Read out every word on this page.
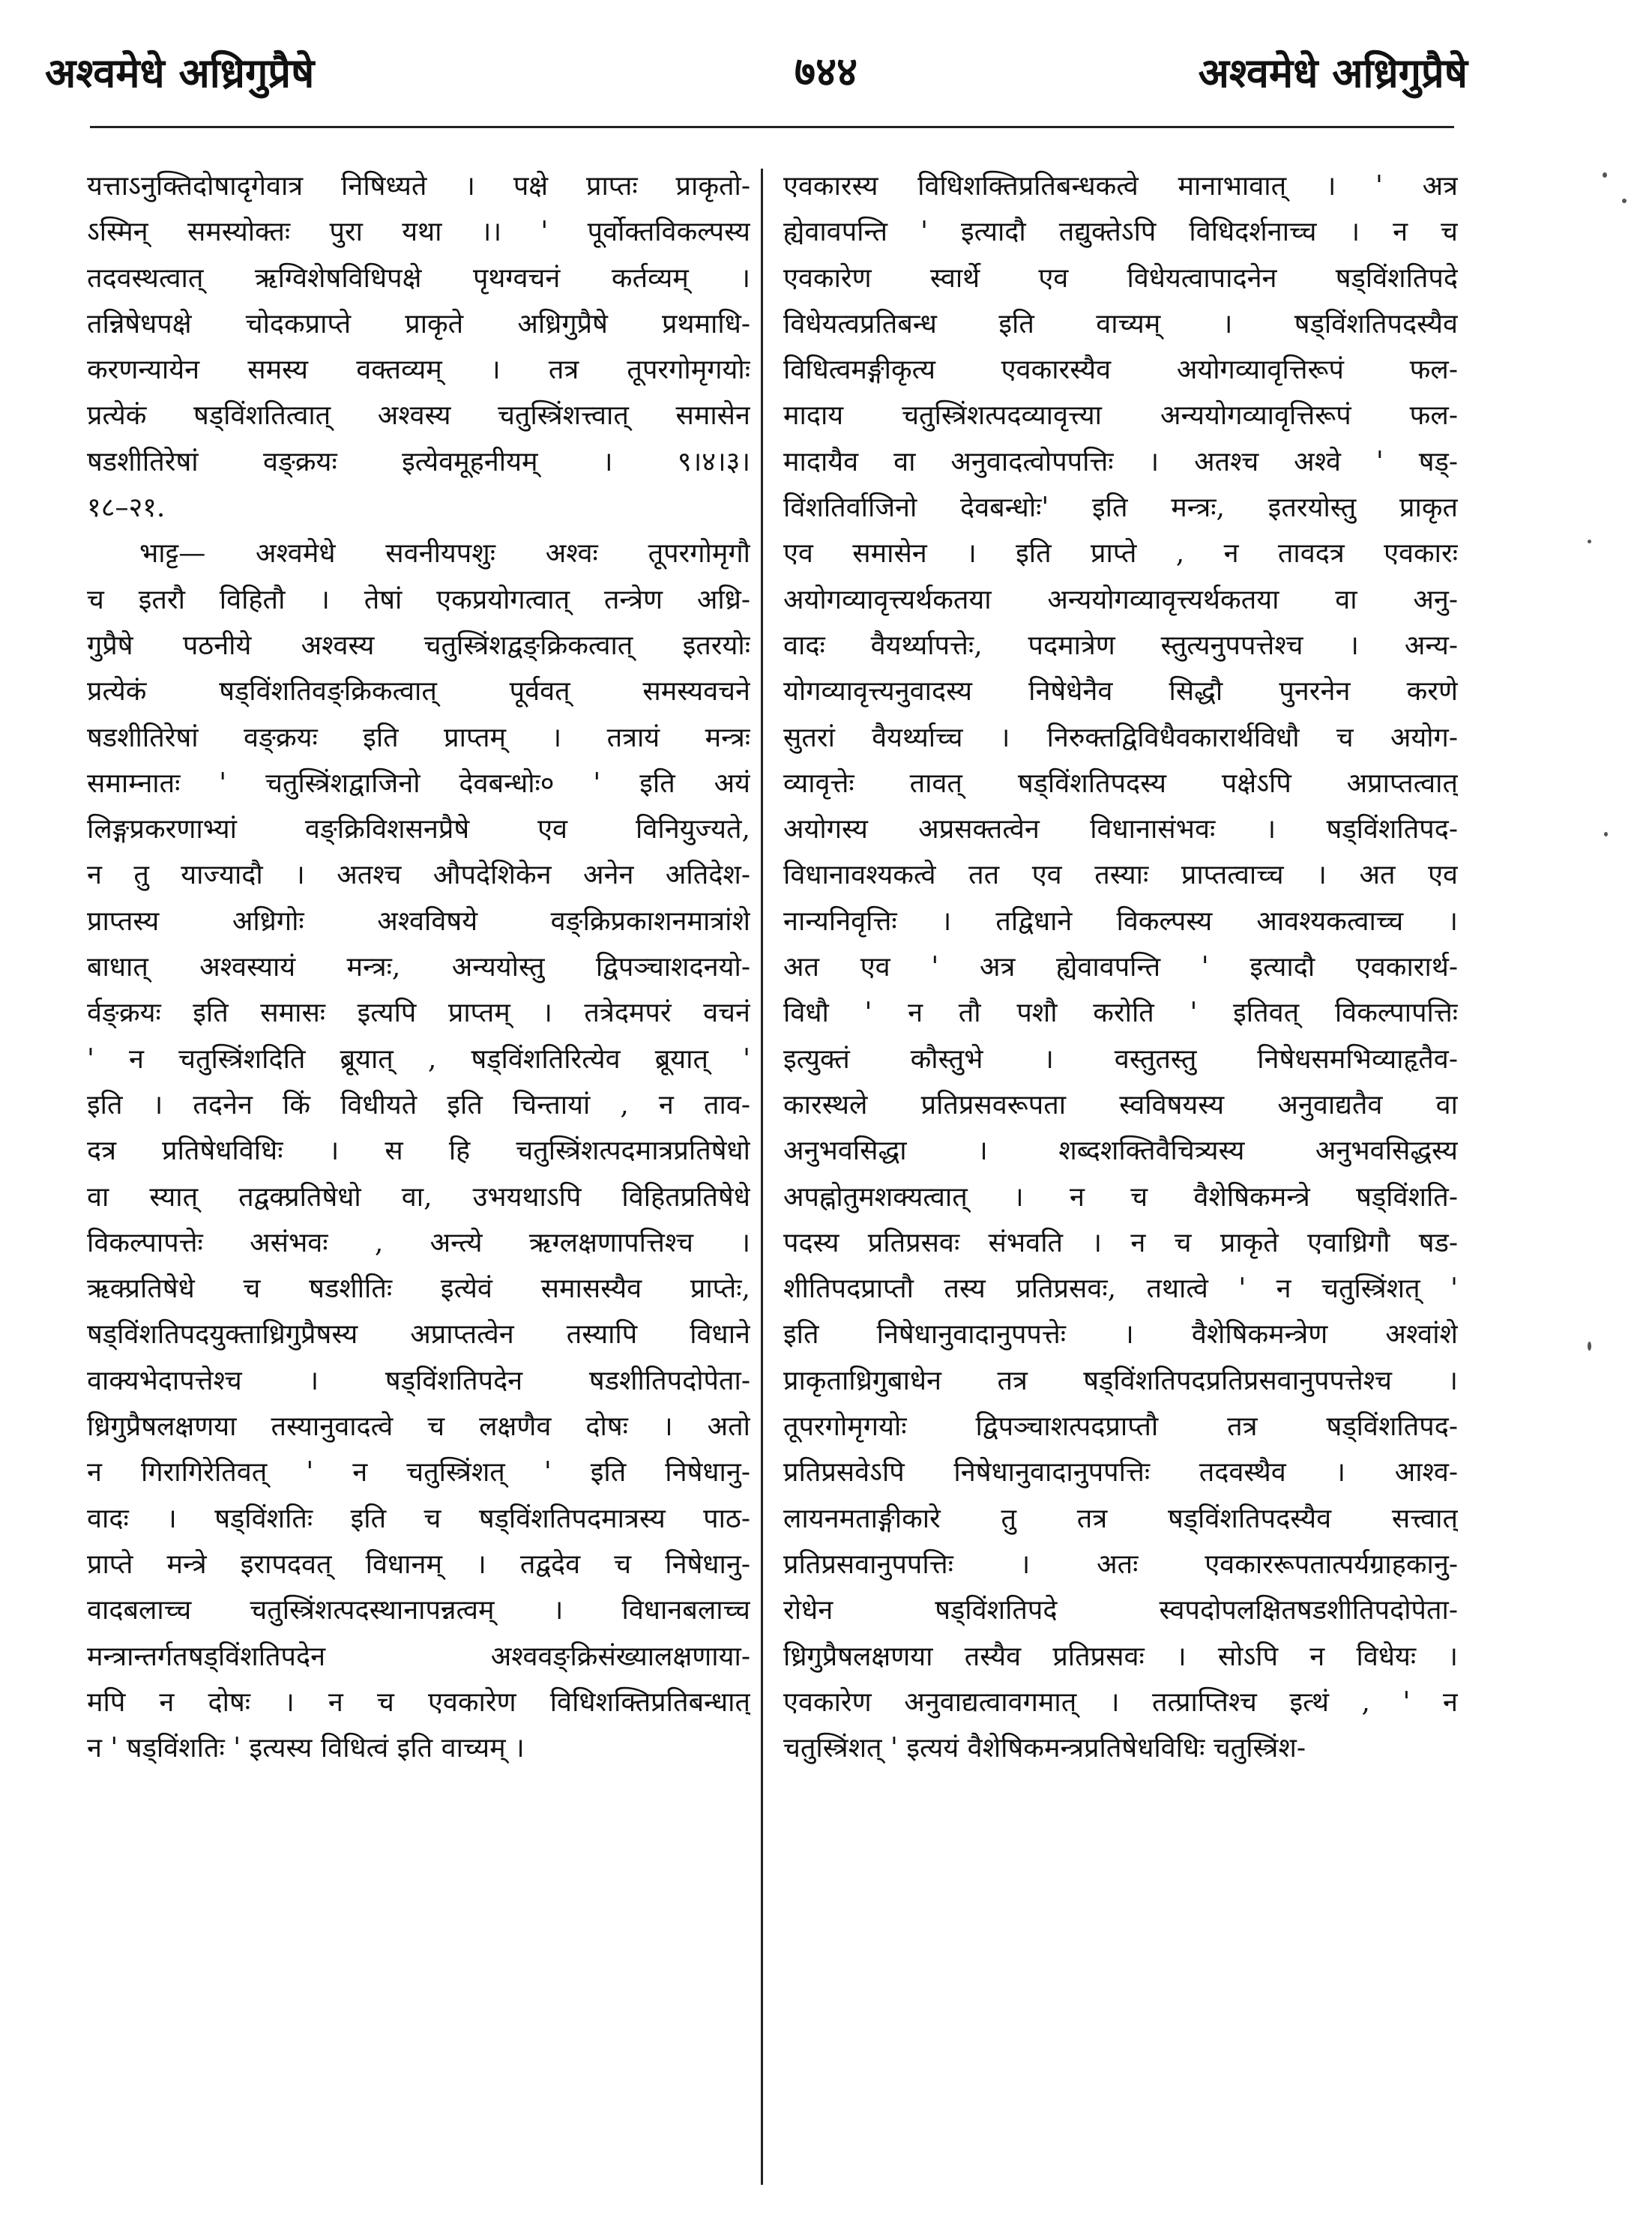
अश्वमेधे अध्रिगुप्रैषे	७४४	अश्वमेधे अध्रिगुप्रैषे
यत्ताऽनुक्तिदोषादृगेवात्र निषिध्यते । पक्षे प्राप्तः प्राकृतो-
ऽस्मिन् समस्योक्तः पुरा यथा ।। ' पूर्वोक्तविकल्पस्य
तदवस्थत्वात् ऋग्विशेषविधिपक्षे पृथग्वचनं कर्तव्यम् ।
तन्निषेधपक्षे चोदकप्राप्ते प्राकृते अध्रिगुप्रैषे प्रथमाधि-
करणन्यायेन समस्य वक्तव्यम् । तत्र तूपरगोमृगयोः
प्रत्येकं षड्विंशतित्वात् अश्वस्य चतुस्त्रिंशत्त्वात् समासेन
षडशीतिरेषां वङ्क्रयः इत्येवमूहनीयम् । ९।४।३।
१८–२१.
भाट्ट— अश्वमेधे सवनीयपशुः अश्वः तूपरगोमृगौ
च इतरौ विहितौ । तेषां एकप्रयोगत्वात् तन्त्रेण अध्रि-
गुप्रैषे पठनीये अश्वस्य चतुस्त्रिंशद्वङ्क्रिकत्वात् इतरयोः
प्रत्येकं षड्विंशतिवङ्क्रिकत्वात् पूर्ववत् समस्यवचने
षडशीतिरेषां वङ्क्रयः इति प्राप्तम् । तत्रायं मन्त्रः
समाम्नातः ' चतुस्त्रिंशद्वाजिनो देवबन्धोः० ' इति अयं
लिङ्गप्रकरणाभ्यां वङ्क्रिविशसनप्रैषे एव विनियुज्यते,
न तु याज्यादौ । अतश्च औपदेशिकेन अनेन अतिदेश-
प्राप्तस्य अध्रिगोः अश्वविषये वङ्क्रिप्रकाशनमात्रांशे
बाधात् अश्वस्यायं मन्त्रः, अन्ययोस्तु द्विपञ्चाशदनयो-
र्वङ्क्रयः इति समासः इत्यपि प्राप्तम् । तत्रेदमपरं वचनं
' न चतुस्त्रिंशदिति ब्रूयात् , षड्विंशतिरित्येव ब्रूयात् '
इति । तदनेन किं विधीयते इति चिन्तायां , न ताव-
दत्र प्रतिषेधविधिः । स हि चतुस्त्रिंशत्पदमात्रप्रतिषेधो
वा स्यात् तद्वक्प्रतिषेधो वा, उभयथाऽपि विहितप्रतिषेधे
विकल्पापत्तेः असंभवः , अन्त्ये ऋग्लक्षणापत्तिश्च ।
ऋक्प्रतिषेधे च षडशीतिः इत्येवं समासस्यैव प्राप्तेः,
षड्विंशतिपदयुक्ताध्रिगुप्रैषस्य अप्राप्तत्वेन तस्यापि विधाने
वाक्यभेदापत्तेश्च । षड्विंशतिपदेन षडशीतिपदोपेता-
ध्रिगुप्रैषलक्षणया तस्यानुवादत्वे च लक्षणैव दोषः । अतो
न गिरागिरेतिवत् ' न चतुस्त्रिंशत् ' इति निषेधानु-
वादः । षड्विंशतिः इति च षड्विंशतिपदमात्रस्य पाठ-
प्राप्ते मन्त्रे इरापदवत् विधानम् । तद्वदेव च निषेधानु-
वादबलाच्च चतुस्त्रिंशत्पदस्थानापन्नत्वम् । विधानबलाच्च
मन्त्रान्तर्गतषड्विंशतिपदेन अश्ववङ्क्रिसंख्यालक्षणाया-
मपि न दोषः । न च एवकारेण विधिशक्तिप्रतिबन्धात्
न ' षड्विंशतिः ' इत्यस्य विधित्वं इति वाच्यम् ।
एवकारस्य विधिशक्तिप्रतिबन्धकत्वे मानाभावात् । ' अत्र
ह्येवावपन्ति ' इत्यादौ तद्युक्तेऽपि विधिदर्शनाच्च । न च
एवकारेण स्वार्थे एव विधेयत्वापादनेन षड्विंशतिपदे
विधेयत्वप्रतिबन्ध इति वाच्यम् । षड्विंशतिपदस्यैव
विधित्वमङ्गीकृत्य एवकारस्यैव अयोगव्यावृत्तिरूपं फल-
मादाय चतुस्त्रिंशत्पदव्यावृत्त्या अन्ययोगव्यावृत्तिरूपं फल-
मादायैव वा अनुवादत्वोपपत्तिः । अतश्च अश्वे ' षड्-
विंशतिर्वाजिनो देवबन्धोः' इति मन्त्रः, इतरयोस्तु प्राकृत
एव समासेन । इति प्राप्ते , न तावदत्र एवकारः
अयोगव्यावृत्त्यर्थकतया अन्ययोगव्यावृत्त्यर्थकतया वा अनु-
वादः वैयर्थ्यापत्तेः, पदमात्रेण स्तुत्यनुपपत्तेश्च । अन्य-
योगव्यावृत्त्यनुवादस्य निषेधेनैव सिद्धौ पुनरनेन करणे
सुतरां वैयर्थ्याच्च । निरुक्तद्विविधैवकारार्थविधौ च अयोग-
व्यावृत्तेः तावत् षड्विंशतिपदस्य पक्षेऽपि अप्राप्तत्वात्
अयोगस्य अप्रसक्तत्वेन विधानासंभवः । षड्विंशतिपद-
विधानावश्यकत्वे तत एव तस्याः प्राप्तत्वाच्च । अत एव
नान्यनिवृत्तिः । तद्विधाने विकल्पस्य आवश्यकत्वाच्च ।
अत एव ' अत्र ह्येवावपन्ति ' इत्यादौ एवकारार्थ-
विधौ ' न तौ पशौ करोति ' इतिवत् विकल्पापत्तिः
इत्युक्तं कौस्तुभे । वस्तुतस्तु निषेधसमभिव्याहृतैव-
कारस्थले प्रतिप्रसवरूपता स्वविषयस्य अनुवाद्यतैव वा
अनुभवसिद्धा । शब्दशक्तिवैचित्र्यस्य अनुभवसिद्धस्य
अपह्नोतुमशक्यत्वात् । न च वैशेषिकमन्त्रे षड्विंशति-
पदस्य प्रतिप्रसवः संभवति । न च प्राकृते एवाध्रिगौ षड-
शीतिपदप्राप्तौ तस्य प्रतिप्रसवः, तथात्वे ' न चतुस्त्रिंशत् '
इति निषेधानुवादानुपपत्तेः । वैशेषिकमन्त्रेण अश्वांशे
प्राकृताध्रिगुबाधेन तत्र षड्विंशतिपदप्रतिप्रसवानुपपत्तेश्च ।
तूपरगोमृगयोः द्विपञ्चाशत्पदप्राप्तौ तत्र षड्विंशतिपद-
प्रतिप्रसवेऽपि निषेधानुवादानुपपत्तिः तदवस्थैव । आश्व-
लायनमताङ्गीकारे तु तत्र षड्विंशतिपदस्यैव सत्त्वात्
प्रतिप्रसवानुपपत्तिः । अतः एवकाररूपतात्पर्यग्राहकानु-
रोधेन षड्विंशतिपदे स्वपदोपलक्षितषडशीतिपदोपेता-
ध्रिगुप्रैषलक्षणया तस्यैव प्रतिप्रसवः । सोऽपि न विधेयः ।
एवकारेण अनुवाद्यत्वावगमात् । तत्प्राप्तिश्च इत्थं , ' न
चतुस्त्रिंशत् ' इत्ययं वैशेषिकमन्त्रप्रतिषेधविधिः चतुस्त्रिंश-
